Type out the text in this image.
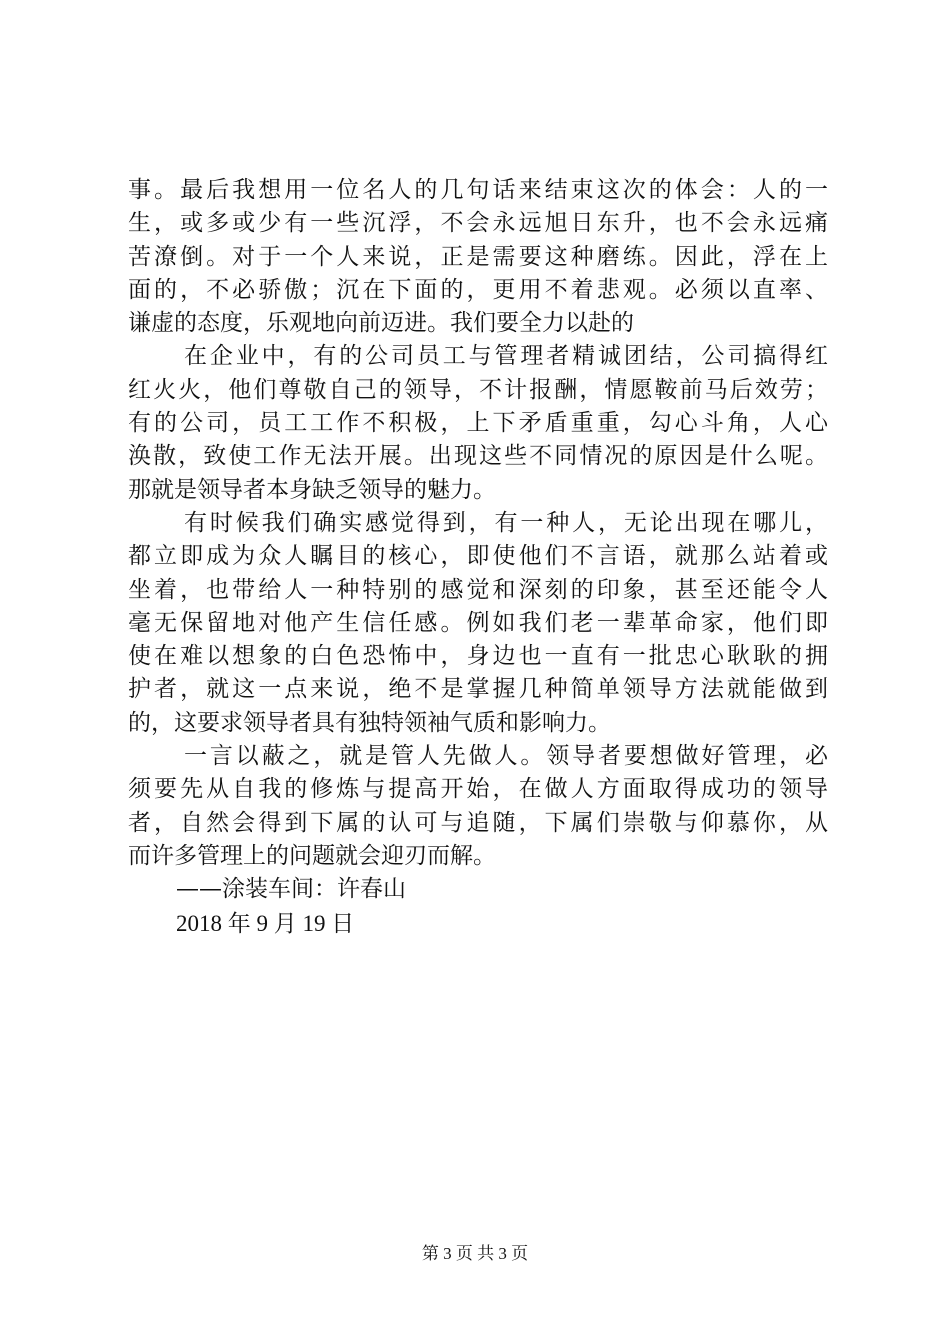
事。最后我想用一位名人的几句话来结束这次的体会：人的一
生，或多或少有一些沉浮，不会永远旭日东升，也不会永远痛
苦潦倒。对于一个人来说，正是需要这种磨练。因此，浮在上
面的，不必骄傲；沉在下面的，更用不着悲观。必须以直率、
谦虚的态度，乐观地向前迈进。我们要全力以赴的
在企业中，有的公司员工与管理者精诚团结，公司搞得红
红火火，他们尊敬自己的领导，不计报酬，情愿鞍前马后效劳；
有的公司，员工工作不积极，上下矛盾重重，勾心斗角，人心
涣散，致使工作无法开展。出现这些不同情况的原因是什么呢。
那就是领导者本身缺乏领导的魅力。
有时候我们确实感觉得到，有一种人，无论出现在哪儿，
都立即成为众人瞩目的核心，即使他们不言语，就那么站着或
坐着，也带给人一种特别的感觉和深刻的印象，甚至还能令人
毫无保留地对他产生信任感。例如我们老一辈革命家，他们即
使在难以想象的白色恐怖中，身边也一直有一批忠心耿耿的拥
护者，就这一点来说，绝不是掌握几种简单领导方法就能做到
的，这要求领导者具有独特领袖气质和影响力。
一言以蔽之，就是管人先做人。领导者要想做好管理，必
须要先从自我的修炼与提高开始，在做人方面取得成功的领导
者，自然会得到下属的认可与追随，下属们崇敬与仰慕你，从
而许多管理上的问题就会迎刃而解。
——涂装车间：许春山
2018 年 9 月 19 日
第 3 页 共 3 页
